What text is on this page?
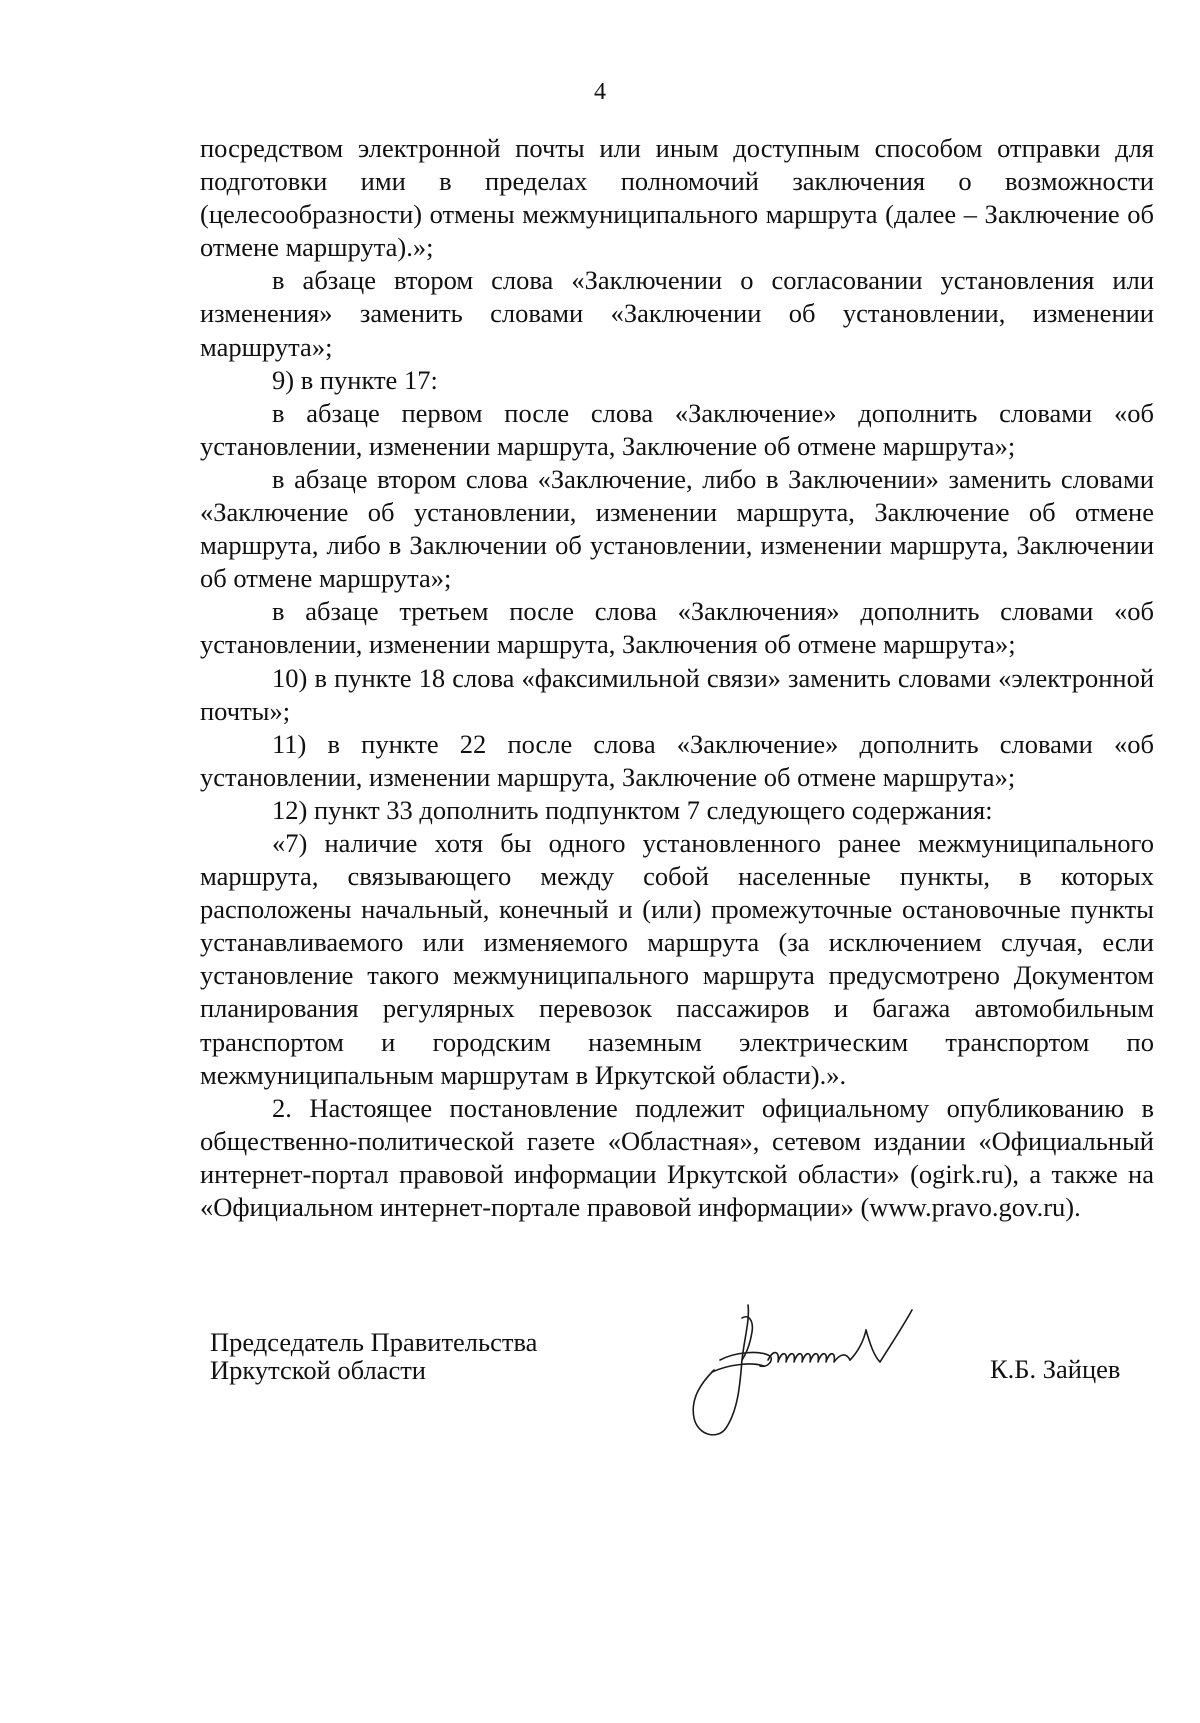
4

посредством электронной почты или иным доступным способом отправки для подготовки ими в пределах полномочий заключения о возможности (целесообразности) отмены межмуниципального маршрута (далее – Заключение об отмене маршрута).»;

в абзаце втором слова «Заключении о согласовании установления или изменения» заменить словами «Заключении об установлении, изменении маршрута»;

9) в пункте 17:

в абзаце первом после слова «Заключение» дополнить словами «об установлении, изменении маршрута, Заключение об отмене маршрута»;

в абзаце втором слова «Заключение, либо в Заключении» заменить словами «Заключение об установлении, изменении маршрута, Заключение об отмене маршрута, либо в Заключении об установлении, изменении маршрута, Заключении об отмене маршрута»;

в абзаце третьем после слова «Заключения» дополнить словами «об установлении, изменении маршрута, Заключения об отмене маршрута»;

10) в пункте 18 слова «факсимильной связи» заменить словами «электронной почты»;

11) в пункте 22 после слова «Заключение» дополнить словами «об установлении, изменении маршрута, Заключение об отмене маршрута»;

12) пункт 33 дополнить подпунктом 7 следующего содержания:

«7) наличие хотя бы одного установленного ранее межмуниципального маршрута, связывающего между собой населенные пункты, в которых расположены начальный, конечный и (или) промежуточные остановочные пункты устанавливаемого или изменяемого маршрута (за исключением случая, если установление такого межмуниципального маршрута предусмотрено Документом планирования регулярных перевозок пассажиров и багажа автомобильным транспортом и городским наземным электрическим транспортом по межмуниципальным маршрутам в Иркутской области).».

2. Настоящее постановление подлежит официальному опубликованию в общественно-политической газете «Областная», сетевом издании «Официальный интернет-портал правовой информации Иркутской области» (ogirk.ru), а также на «Официальном интернет-портале правовой информации» (www.pravo.gov.ru).

Председатель Правительства
Иркутской области	К.Б. Зайцев
